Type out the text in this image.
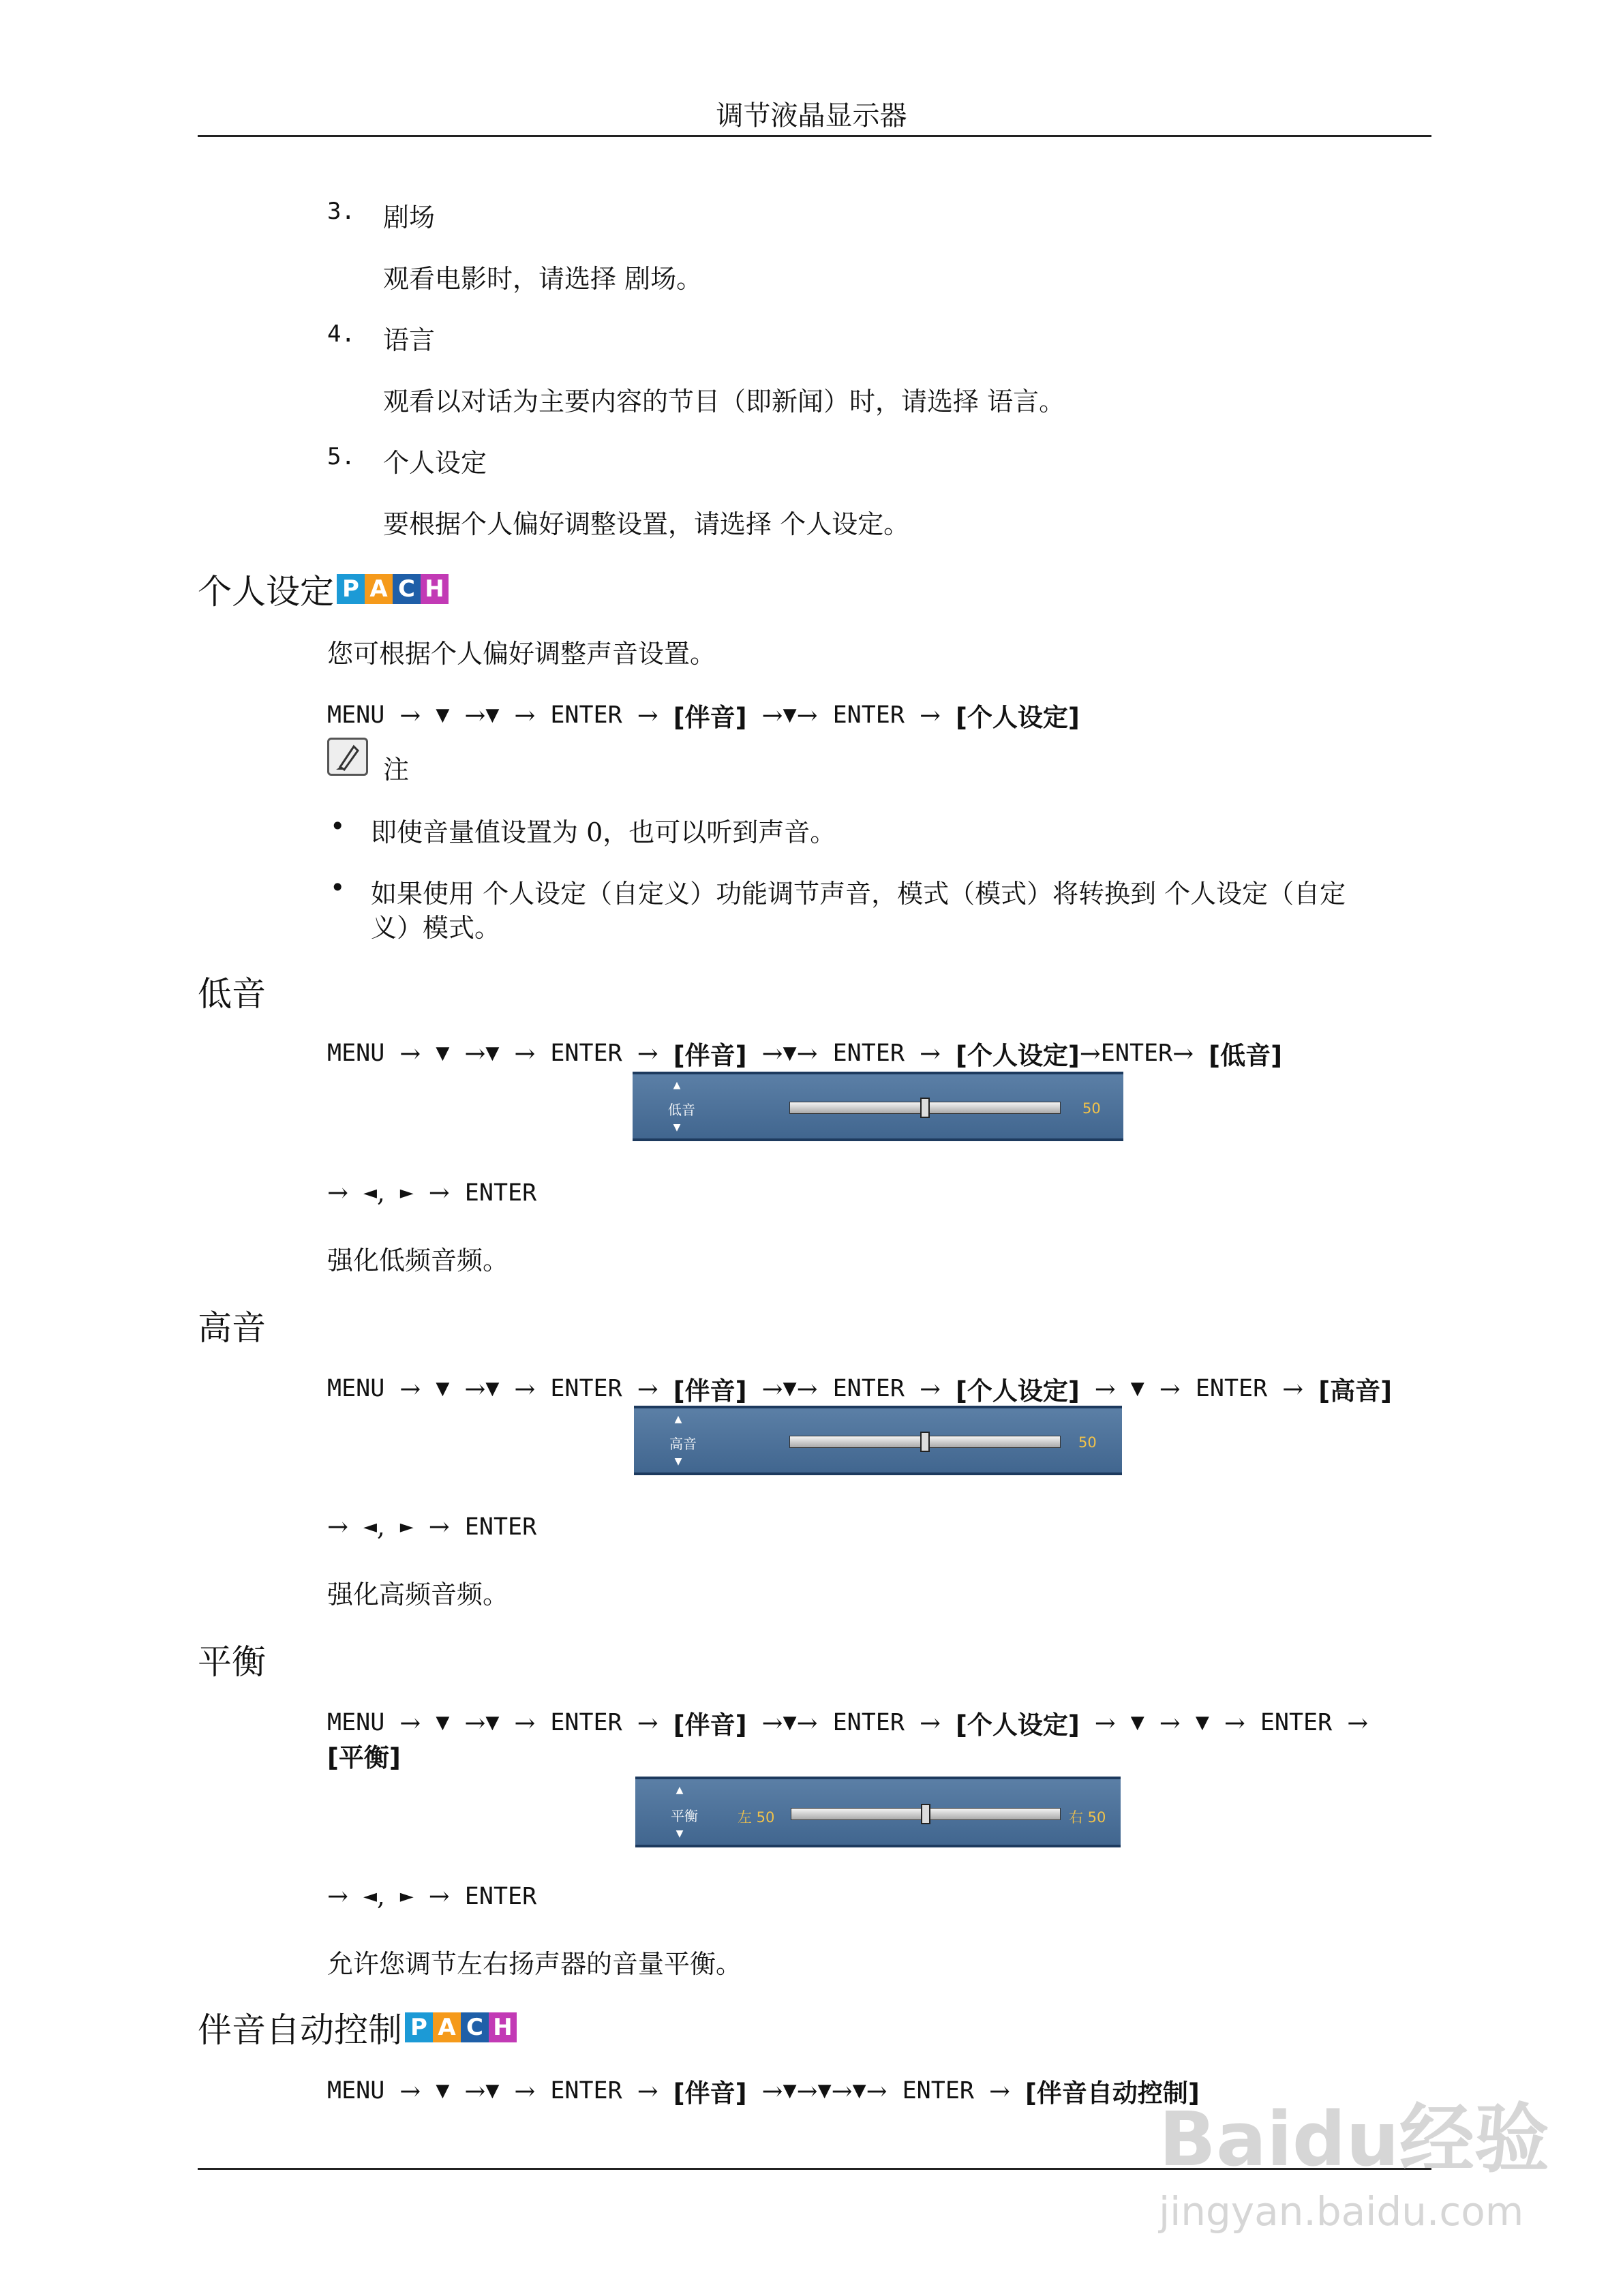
调节液晶显示器
3. 剧场
观看电影时，请选择 剧场。
4. 语言
观看以对话为主要内容的节目（即新闻）时，请选择 语言。
5. 个人设定
要根据个人偏好调整设置，请选择 个人设定。
个人设定 P A C H
您可根据个人偏好调整声音设置。
MENU → ▼ → ▼ → ENTER → [伴音] → ▼ → ENTER → [个人设定]
注
• 即使音量值设置为 0，也可以听到声音。
• 如果使用 个人设定（自定义）功能调节声音，模式（模式）将转换到 个人设定（自定
义）模式。
低音
MENU → ▼ → ▼ → ENTER → [伴音] → ▼ → ENTER → [个人设定] → ENTER → [低音]
▲
低音
▼
50
→ ◄ , ► → ENTER
强化低频音频。
高音
MENU → ▼ → ▼ → ENTER → [伴音] → ▼ → ENTER → [个人设定] → ▼ → ENTER → [高音]
▲
高音
▼
50
→ ◄ , ► → ENTER
强化高频音频。
平衡
MENU → ▼ → ▼ → ENTER → [伴音] → ▼ → ENTER → [个人设定] → ▼ → ▼ → ENTER →
[平衡]
▲
平衡
▼
左 50	右 50
→ ◄ , ► → ENTER
允许您调节左右扬声器的音量平衡。
伴音自动控制 P A C H
MENU → ▼ → ▼ → ENTER → [伴音] → ▼ → ▼ → ▼ → ENTER → [伴音自动控制]
Baidu经验
jingyan.baidu.com
